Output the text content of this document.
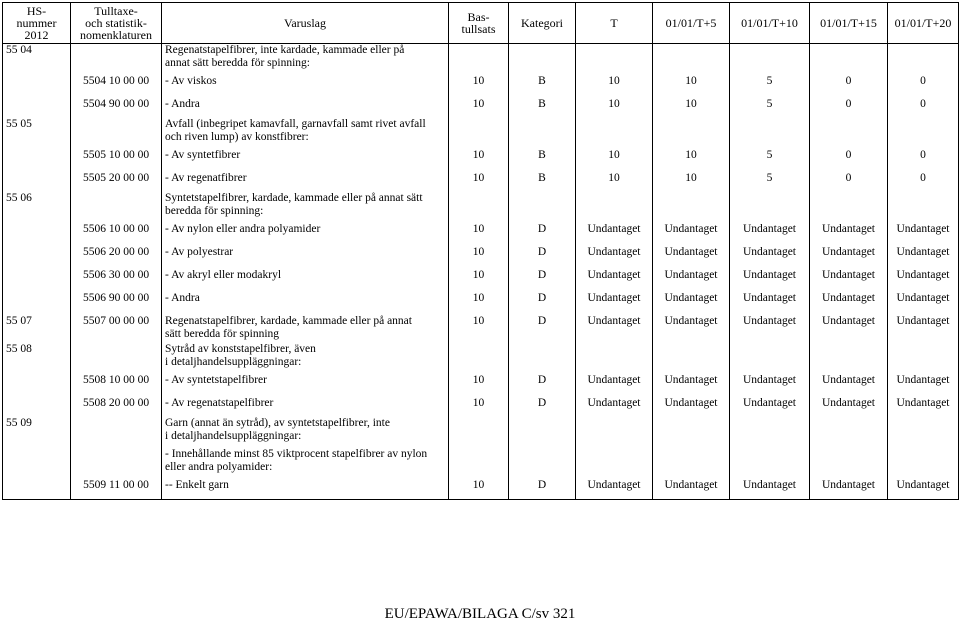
HS-
nummer
2012	Tulltaxe-
och statistik-
nomenklaturen	Varuslag	Bas-
tullsats	Kategori	T	01/01/T+5	01/01/T+10	01/01/T+15	01/01/T+20
55 04		Regenatstapelfibrer, inte kardade, kammade eller på
annat sätt beredda för spinning:							
	5504 10 00 00	- Av viskos	10	B	10	10	5	0	0
	5504 90 00 00	- Andra	10	B	10	10	5	0	0
55 05		Avfall (inbegripet kamavfall, garnavfall samt rivet avfall
och riven lump) av konstfibrer:							
	5505 10 00 00	- Av syntetfibrer	10	B	10	10	5	0	0
	5505 20 00 00	- Av regenatfibrer	10	B	10	10	5	0	0
55 06		Syntetstapelfibrer, kardade, kammade eller på annat sätt
beredda för spinning:							
	5506 10 00 00	- Av nylon eller andra polyamider	10	D	Undantaget	Undantaget	Undantaget	Undantaget	Undantaget
	5506 20 00 00	- Av polyestrar	10	D	Undantaget	Undantaget	Undantaget	Undantaget	Undantaget
	5506 30 00 00	- Av akryl eller modakryl	10	D	Undantaget	Undantaget	Undantaget	Undantaget	Undantaget
	5506 90 00 00	- Andra	10	D	Undantaget	Undantaget	Undantaget	Undantaget	Undantaget
55 07	5507 00 00 00	Regenatstapelfibrer, kardade, kammade eller på annat
sätt beredda för spinning	10	D	Undantaget	Undantaget	Undantaget	Undantaget	Undantaget
55 08		Sytråd av konststapelfibrer, även
i detaljhandelsuppläggningar:							
	5508 10 00 00	- Av syntetstapelfibrer	10	D	Undantaget	Undantaget	Undantaget	Undantaget	Undantaget
	5508 20 00 00	- Av regenatstapelfibrer	10	D	Undantaget	Undantaget	Undantaget	Undantaget	Undantaget
55 09		Garn (annat än sytråd), av syntetstapelfibrer, inte
i detaljhandelsuppläggningar:							
		- Innehållande minst 85 viktprocent stapelfibrer av nylon
eller andra polyamider:							
	5509 11 00 00	-- Enkelt garn	10	D	Undantaget	Undantaget	Undantaget	Undantaget	Undantaget
EU/EPAWA/BILAGA C/sv 321
